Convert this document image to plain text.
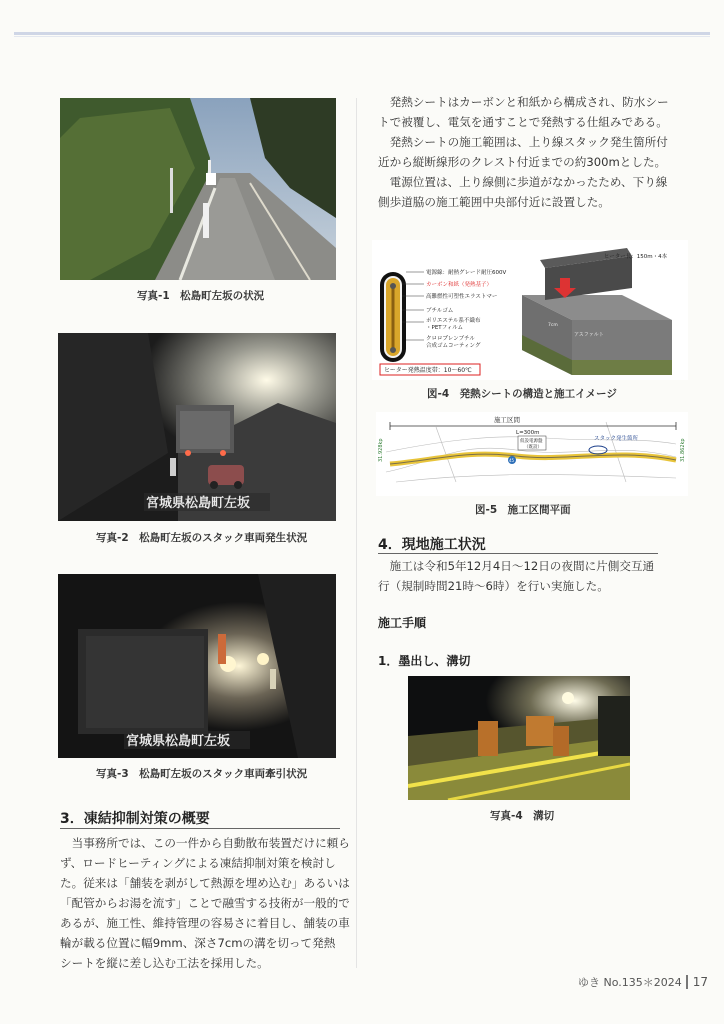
写真-1　松島町左坂の状況
宮城県松島町左坂
写真-2　松島町左坂のスタック車両発生状況
宮城県松島町左坂
写真-3　松島町左坂のスタック車両牽引状況
3．凍結抑制対策の概要
当事務所では、この一件から自動散布装置だけに頼ら
ず、ロードヒーティングによる凍結抑制対策を検討し
た。従来は「舗装を剥がして熱源を埋め込む」あるいは
「配管からお湯を流す」ことで融雪する技術が一般的で
あるが、施工性、維持管理の容易さに着目し、舗装の車
輪が載る位置に幅9mm、深さ7cmの溝を切って発熱
シートを縦に差し込む工法を採用した。
発熱シートはカーボンと和紙から構成され、防水シー
トで被覆し、電気を通すことで発熱する仕組みである。
発熱シートの施工範囲は、上り線スタック発生箇所付
近から縦断線形のクレスト付近までの約300mとした。
電源位置は、上り線側に歩道がなかったため、下り線
側歩道脇の施工範囲中央部付近に設置した。
電源線：耐熱グレード耐圧600V
カーボン和紙（発熱基子）
高難燃性可塑性エラストマー
ブチルゴム
ポリエステル系不織布
・PETフィルム
クロロプレンブチル
合成ゴムコーティング
ヒーター発熱温度帯：10〜60℃
ヒーター長：150m・4本
アスファルト
7cm
図-4　発熱シートの構造と施工イメージ
施工区間
L=300m
仮設電源盤
（既設）
スタック発生箇所
45
31.928kp	31.862kp
図-5　施工区間平面
4．現地施工状況
施工は令和5年12月4日〜12日の夜間に片側交互通
行（規制時間21時〜6時）を行い実施した。
施工手順
1．墨出し、溝切
写真-4　溝切
ゆき No.135＊2024 17
